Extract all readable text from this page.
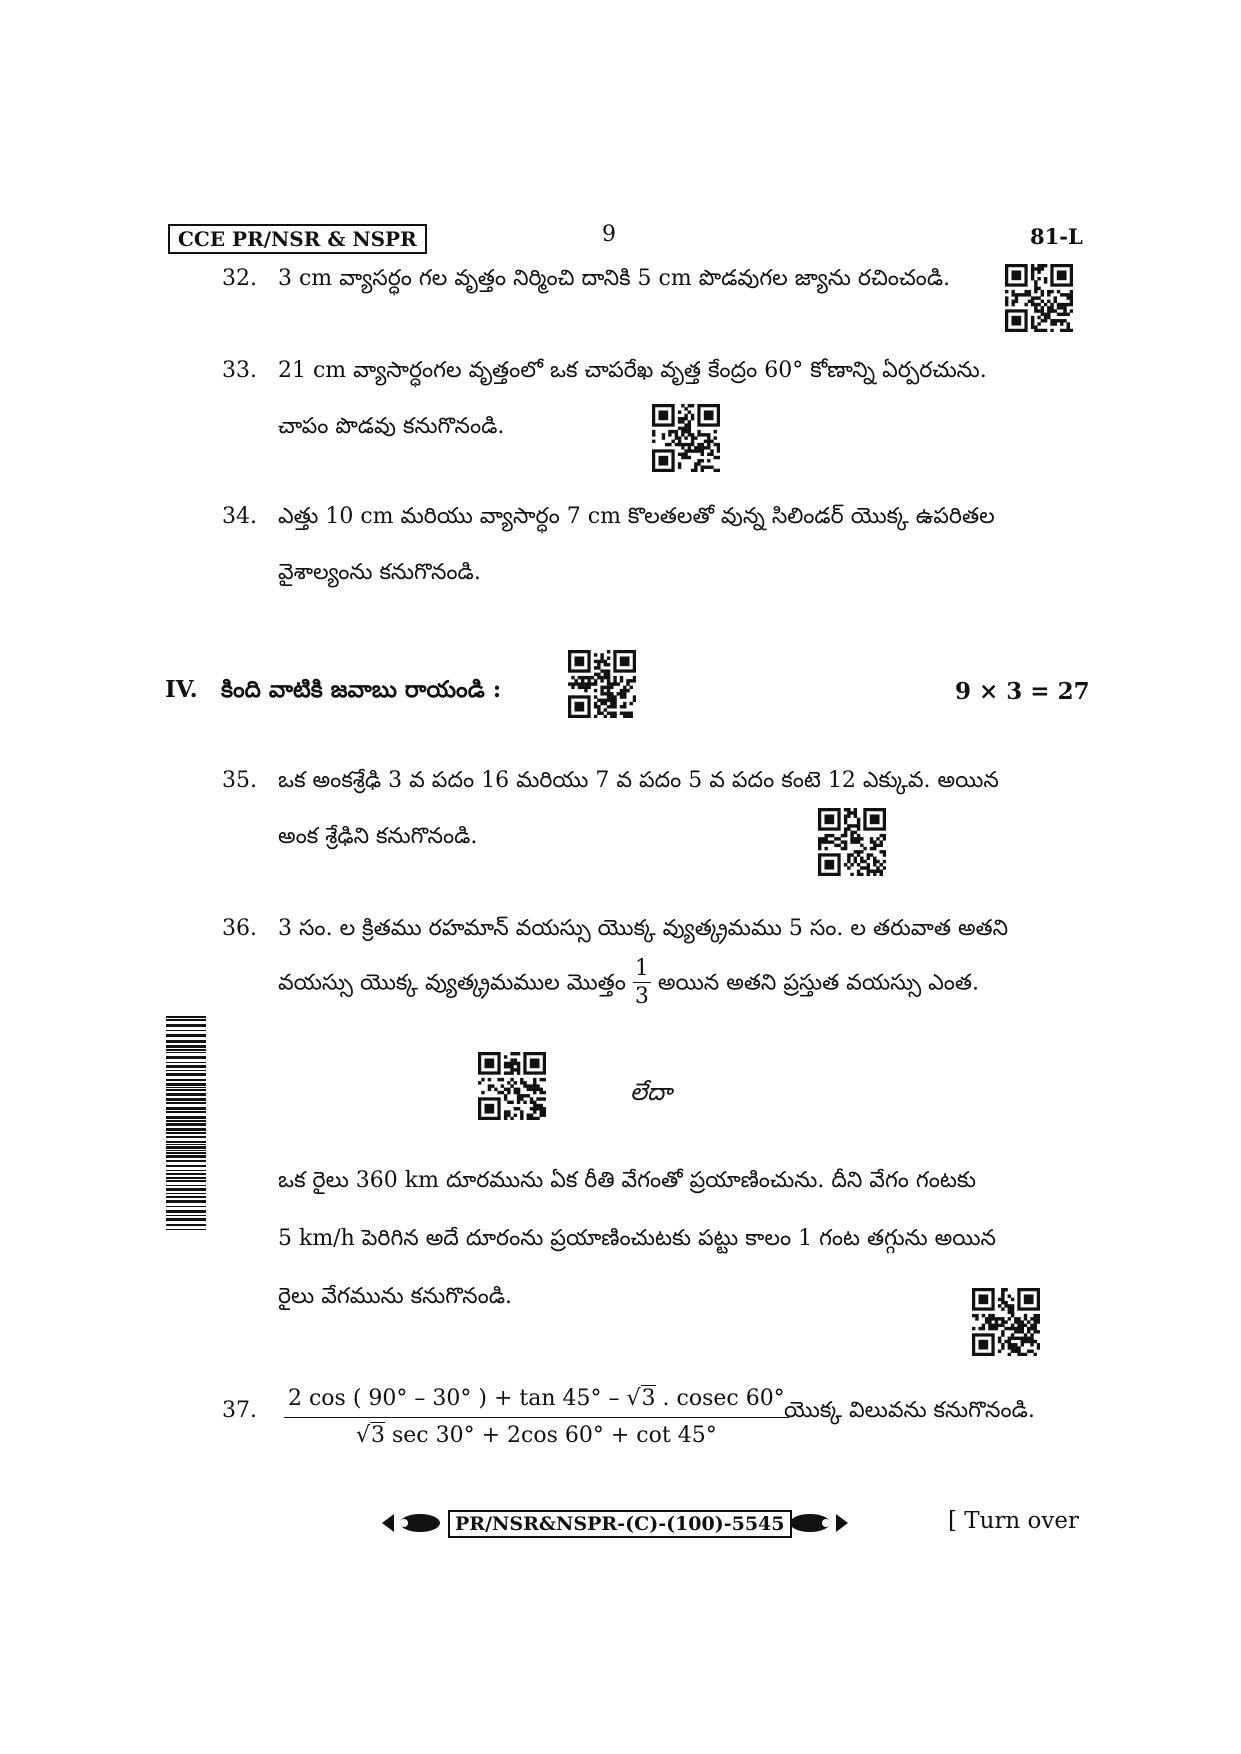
CCE PR/NSR & NSPR	9	81-L
32. 3 cm వ్యాసర్ధం గల వృత్తం నిర్మించి దానికి 5 cm పొడవుగల జ్యాను రచించండి.
33. 21 cm వ్యాసార్ధంగల వృత్తంలో ఒక చాపరేఖ వృత్త కేంద్రం 60° కోణాన్ని ఏర్పరచును.
చాపం పొడవు కనుగొనండి.
34. ఎత్తు 10 cm మరియు వ్యాసార్ధం 7 cm కొలతలతో వున్న సిలిండర్ యొక్క ఉపరితల
వైశాల్యంను కనుగొనండి.
IV. కింది వాటికి జవాబు రాయండి :	9 × 3 = 27
35. ఒక అంకశ్రేఢి 3 వ పదం 16 మరియు 7 వ పదం 5 వ పదం కంటె 12 ఎక్కువ. అయిన
అంక శ్రేఢిని కనుగొనండి.
36. 3 సం. ల క్రితము రహమాన్ వయస్సు యొక్క వ్యుత్క్రమము 5 సం. ల తరువాత అతని
వయస్సు యొక్క వ్యుత్క్రమముల మొత్తం $\frac{1}{3}$ అయిన అతని ప్రస్తుత వయస్సు ఎంత.
లేదా
ఒక రైలు 360 km దూరమును ఏక రీతి వేగంతో ప్రయాణించును. దీని వేగం గంటకు
5 km/h పెరిగిన అదే దూరంను ప్రయాణించుటకు పట్టు కాలం 1 గంట తగ్గును అయిన
రైలు వేగమును కనుగొనండి.
37. 2 cos ( 90° – 30° ) + tan 45° – √3 . cosec 60°
√3 sec 30° + 2cos 60° + cot 45°
యొక్క విలువను కనుగొనండి.
PR/NSR&NSPR-(C)-(100)-5545	[ Turn over
